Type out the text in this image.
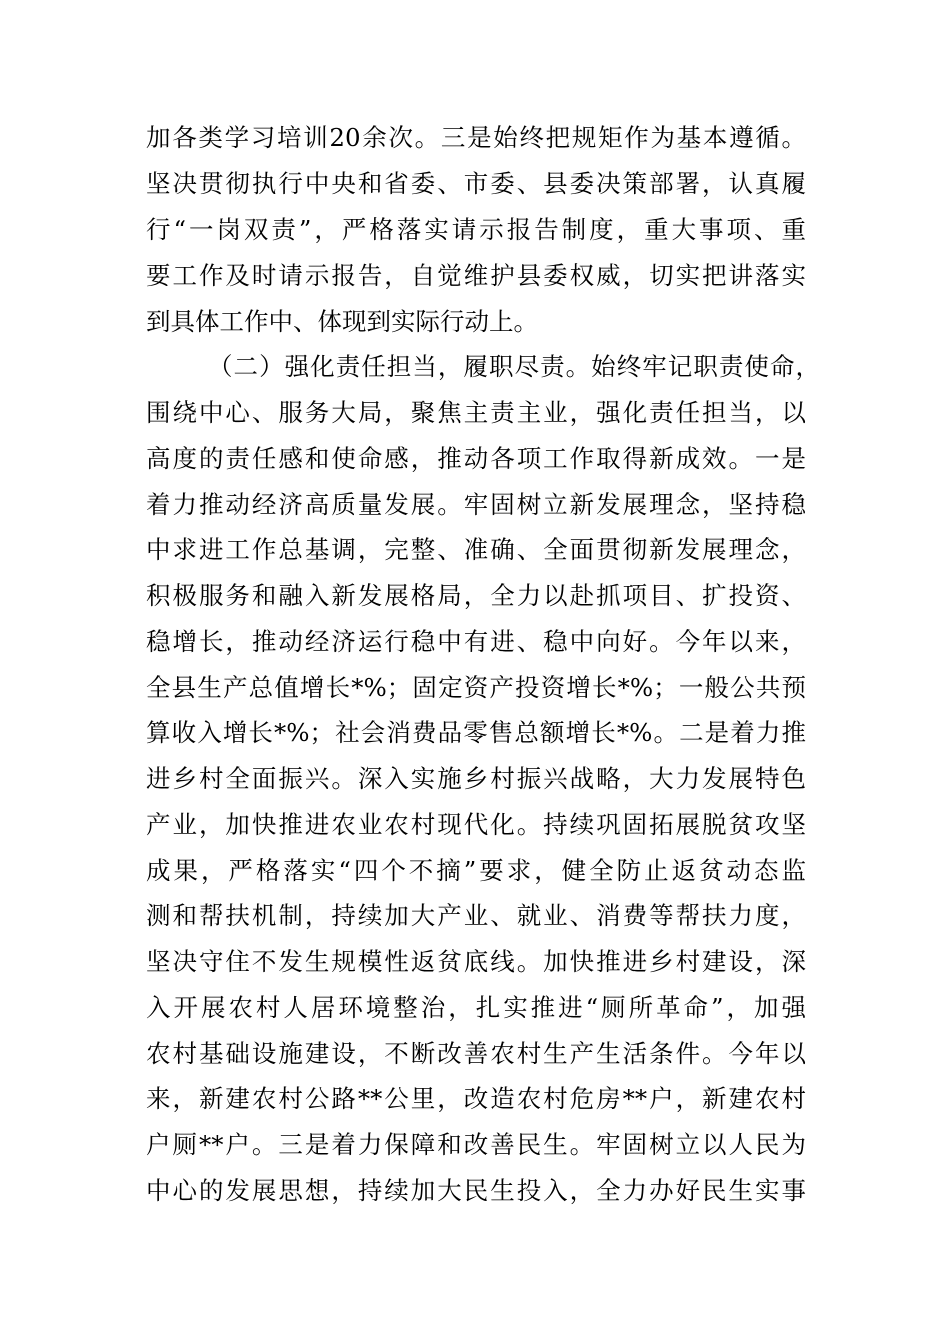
加各类学习培训20余次。三是始终把规矩作为基本遵循。
坚决贯彻执行中央和省委、市委、县委决策部署，认真履
行“一岗双责”，严格落实请示报告制度，重大事项、重
要工作及时请示报告，自觉维护县委权威，切实把讲落实
到具体工作中、体现到实际行动上。
（二）强化责任担当，履职尽责。始终牢记职责使命，
围绕中心、服务大局，聚焦主责主业，强化责任担当，以
高度的责任感和使命感，推动各项工作取得新成效。一是
着力推动经济高质量发展。牢固树立新发展理念，坚持稳
中求进工作总基调，完整、准确、全面贯彻新发展理念，
积极服务和融入新发展格局，全力以赴抓项目、扩投资、
稳增长，推动经济运行稳中有进、稳中向好。今年以来，
全县生产总值增长*%；固定资产投资增长*%；一般公共预
算收入增长*%；社会消费品零售总额增长*%。二是着力推
进乡村全面振兴。深入实施乡村振兴战略，大力发展特色
产业，加快推进农业农村现代化。持续巩固拓展脱贫攻坚
成果，严格落实“四个不摘”要求，健全防止返贫动态监
测和帮扶机制，持续加大产业、就业、消费等帮扶力度，
坚决守住不发生规模性返贫底线。加快推进乡村建设，深
入开展农村人居环境整治，扎实推进“厕所革命”，加强
农村基础设施建设，不断改善农村生产生活条件。今年以
来，新建农村公路**公里，改造农村危房**户，新建农村
户厕**户。三是着力保障和改善民生。牢固树立以人民为
中心的发展思想，持续加大民生投入，全力办好民生实事
